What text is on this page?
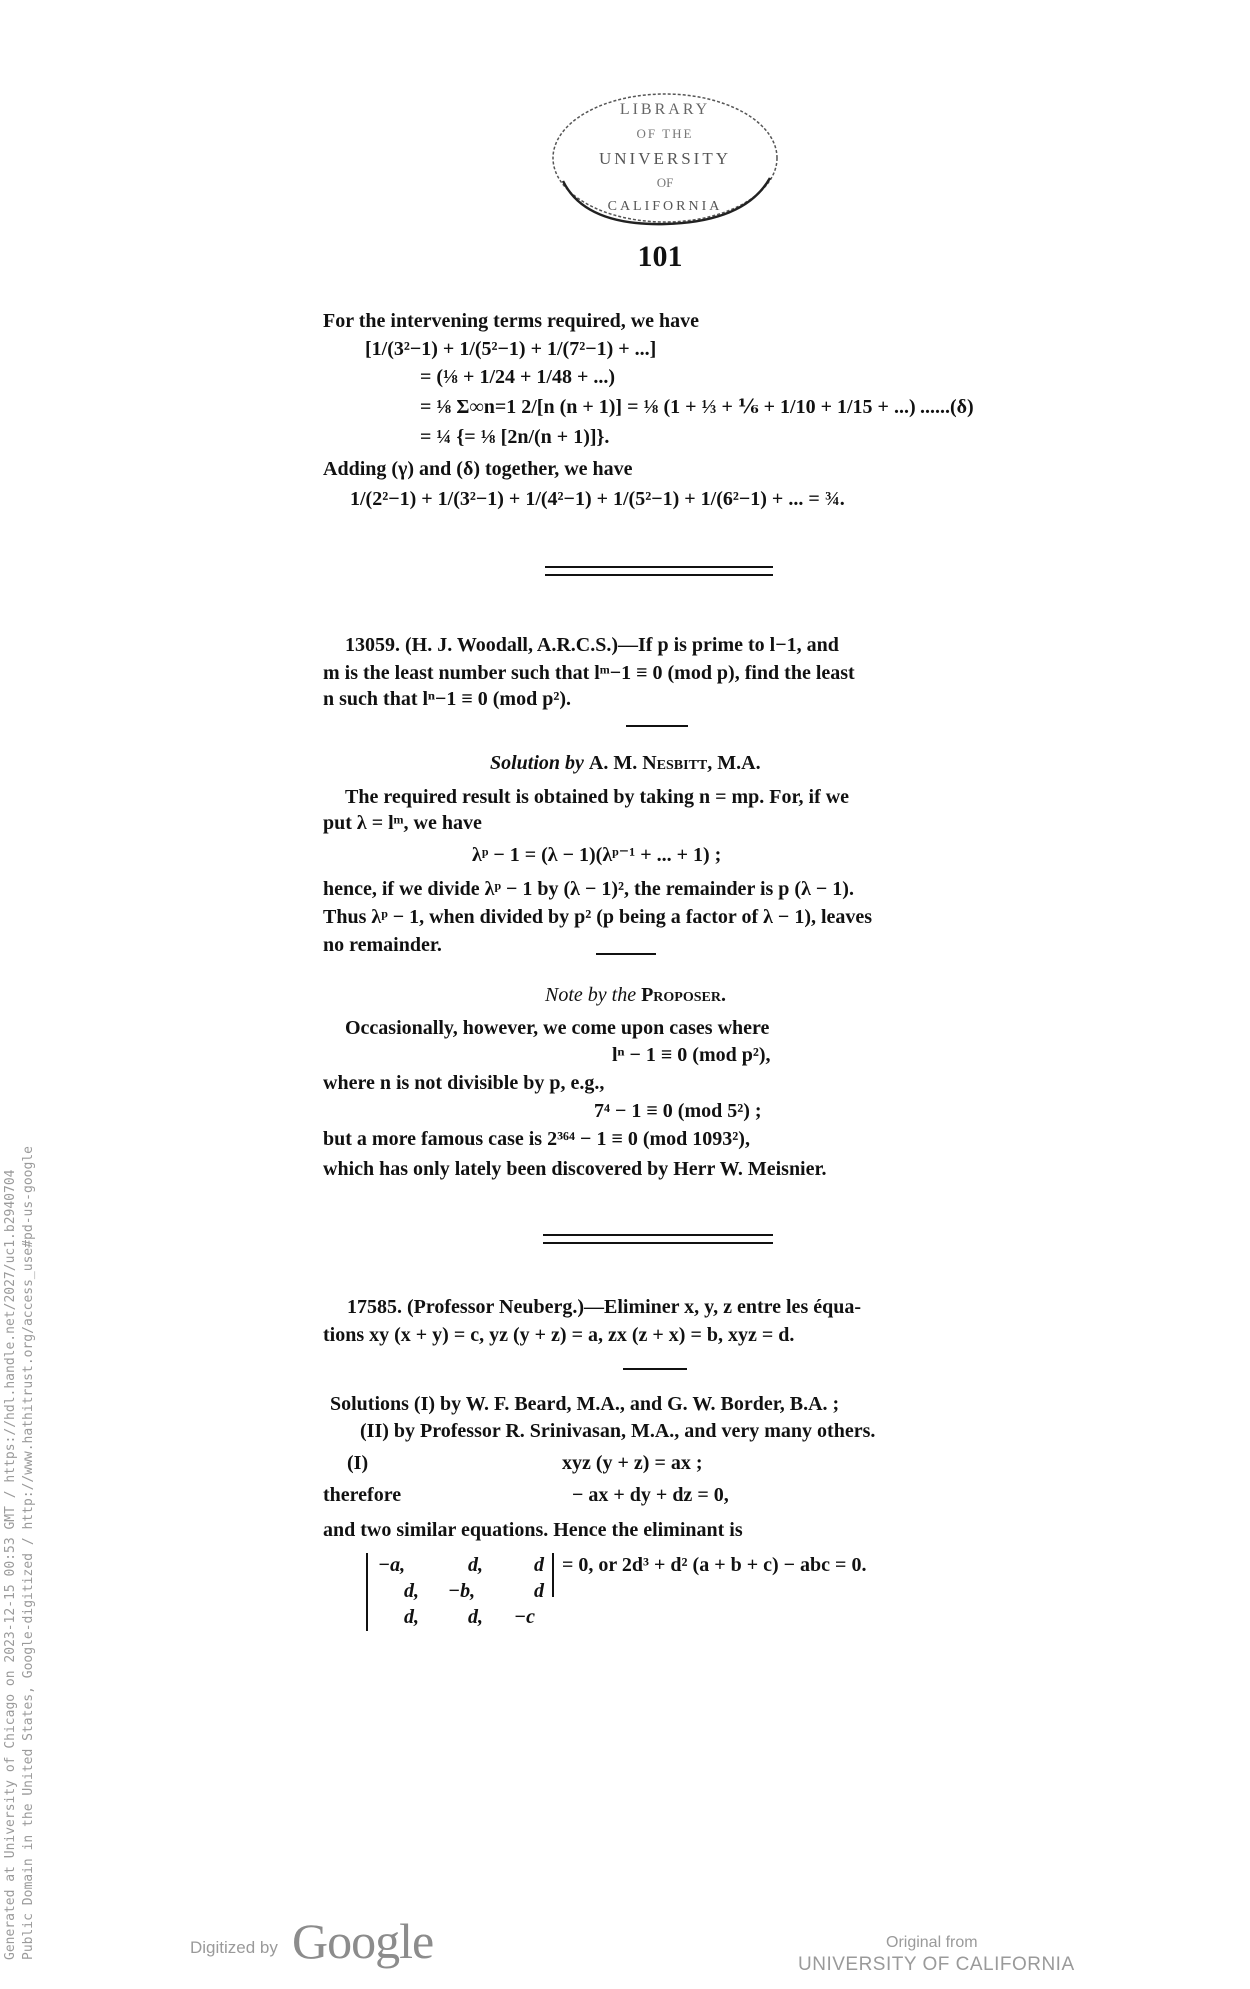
Generated at University of Chicago on 2023-12-15 00:53 GMT / https://hdl.handle.net/2027/uc1.b2940704 Public Domain in the United States, Google-digitized / http://www.hathitrust.org/access_use#pd-us-google
LIBRARY
OF THE
UNIVERSITY
OF
CALIFORNIA
101
For the intervening terms required, we have
[1/(3²−1) + 1/(5²−1) + 1/(7²−1) + ...]
= (⅛ + 1/24 + 1/48 + ...)
= ⅛ Σ∞n=1 2/[n (n + 1)] = ⅛ (1 + ⅓ + ⅙ + 1/10 + 1/15 + ...) ......(δ)
= ¼ {= ⅛ [2n/(n + 1)]}.
Adding (γ) and (δ) together, we have
1/(2²−1) + 1/(3²−1) + 1/(4²−1) + 1/(5²−1) + 1/(6²−1) + ... = ¾.
13059. (H. J. Woodall, A.R.C.S.)—If p is prime to l−1, and
m is the least number such that lᵐ−1 ≡ 0 (mod p), find the least
n such that lⁿ−1 ≡ 0 (mod p²).
Solution by A. M. Nesbitt, M.A.
The required result is obtained by taking n = mp. For, if we
put λ = lᵐ, we have
λᵖ − 1 = (λ − 1)(λᵖ⁻¹ + ... + 1) ;
hence, if we divide λᵖ − 1 by (λ − 1)², the remainder is p (λ − 1).
Thus λᵖ − 1, when divided by p² (p being a factor of λ − 1), leaves
no remainder.
Note by the Proposer.
Occasionally, however, we come upon cases where
lⁿ − 1 ≡ 0 (mod p²),
where n is not divisible by p, e.g.,
7⁴ − 1 ≡ 0 (mod 5²) ;
but a more famous case is 2³⁶⁴ − 1 ≡ 0 (mod 1093²),
which has only lately been discovered by Herr W. Meisnier.
17585. (Professor Neuberg.)—Eliminer x, y, z entre les équa-
tions xy (x + y) = c, yz (y + z) = a, zx (z + x) = b, xyz = d.
Solutions (I) by W. F. Beard, M.A., and G. W. Border, B.A. ;
(II) by Professor R. Srinivasan, M.A., and very many others.
(I)	xyz (y + z) = ax ;
therefore	− ax + dy + dz = 0,
and two similar equations. Hence the eliminant is
−a,	d,	d
d, −b,	d
d, d, −c
= 0, or 2d³ + d² (a + b + c) − abc = 0.
Digitized by Google	Original from
UNIVERSITY OF CALIFORNIA
